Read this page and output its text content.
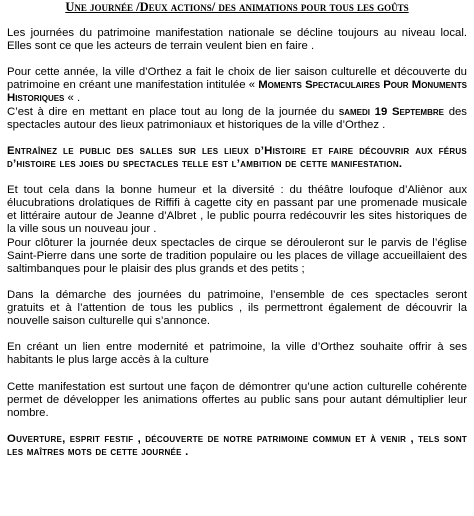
Une journée /Deux actions/ des animations pour tous les goûts

Les journées du patrimoine manifestation nationale se décline toujours au niveau local. Elles sont ce que les acteurs de terrain veulent bien en faire .

Pour cette année, la ville d’Orthez a fait le choix de lier saison culturelle et découverte du patrimoine en créant une manifestation intitulée « Moments Spectaculaires Pour Monuments Historiques « .

C’est à dire en mettant en place tout au long de la journée du samedi 19 Septembre des spectacles autour des lieux patrimoniaux et historiques de la ville d’Orthez .

Entraînez le public des salles sur les lieux d’Histoire et faire découvrir aux férus d’histoire les joies du spectacles telle est l’ambition de cette manifestation.

Et tout cela dans la bonne humeur et la diversité : du théâtre loufoque d’Aliènor aux élucubrations drolatiques de Riffifi à cagette city en passant par une promenade musicale et littéraire autour de Jeanne d’Albret , le public pourra redécouvrir les sites historiques de la ville sous un nouveau jour .

Pour clôturer la journée deux spectacles de cirque se dérouleront sur le parvis de l’église Saint-Pierre dans une sorte de tradition populaire ou les places de village accueillaient des saltimbanques pour le plaisir des plus grands et des petits ;

Dans la démarche des journées du patrimoine, l’ensemble de ces spectacles seront gratuits et à l’attention de tous les publics , ils permettront également de découvrir la nouvelle saison culturelle qui s’annonce.

En créant un lien entre modernité et patrimoine, la ville d’Orthez souhaite offrir à ses habitants le plus large accès à la culture

Cette manifestation est surtout une façon de démontrer qu’une action culturelle cohérente permet de développer les animations offertes au public sans pour autant démultiplier leur nombre.

Ouverture, esprit festif , découverte de notre patrimoine commun et à venir , tels sont les maîtres mots de cette journée .
